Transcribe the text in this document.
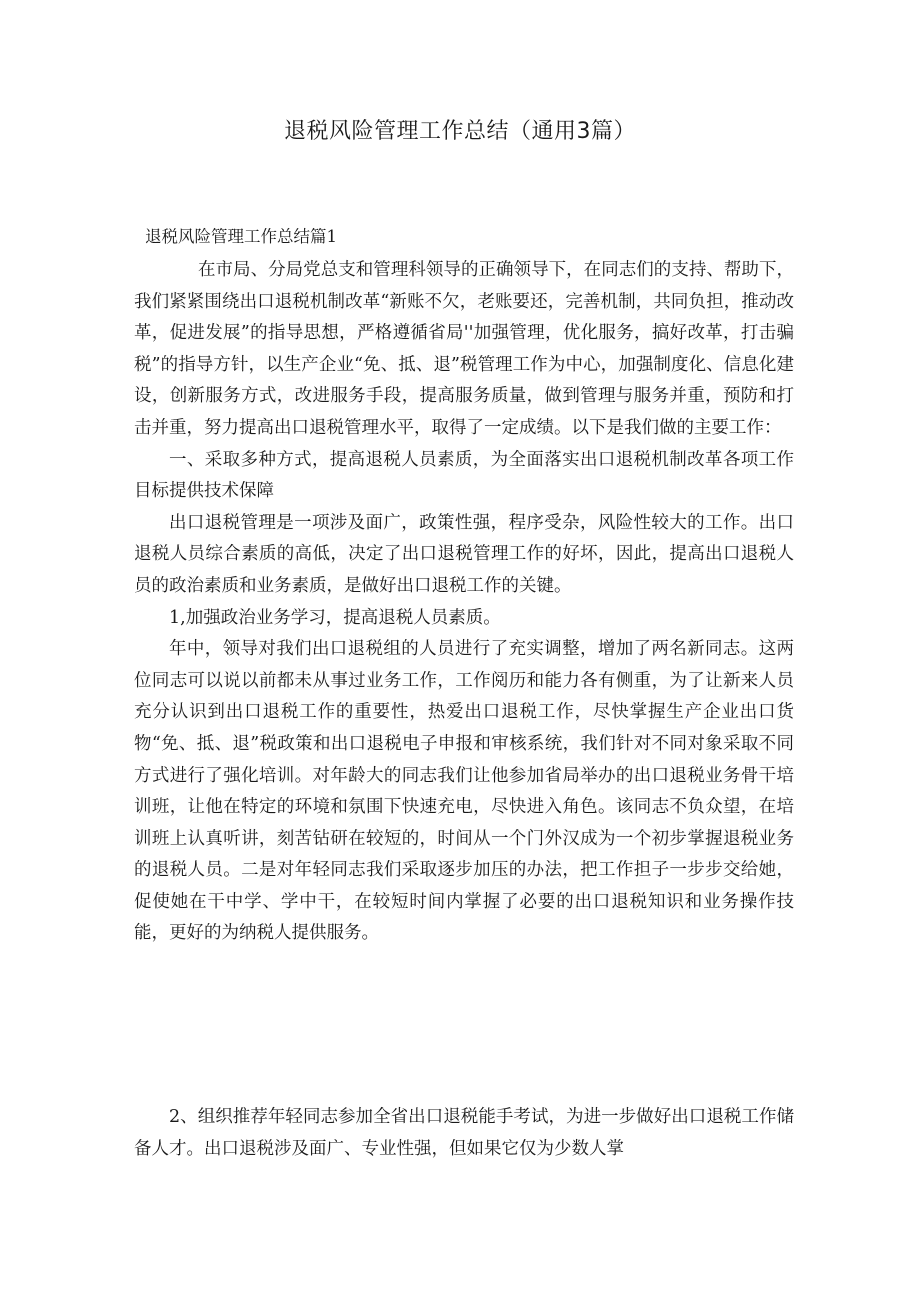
退税风险管理工作总结（通用3篇）

退税风险管理工作总结篇1

在市局、分局党总支和管理科领导的正确领导下，在同志们的支持、帮助下，我们紧紧围绕出口退税机制改革“新账不欠，老账要还，完善机制，共同负担，推动改革，促进发展”的指导思想，严格遵循省局''加强管理，优化服务，搞好改革，打击骗税”的指导方针，以生产企业“免、抵、退”税管理工作为中心，加强制度化、信息化建设，创新服务方式，改进服务手段，提高服务质量，做到管理与服务并重，预防和打击并重，努力提高出口退税管理水平，取得了一定成绩。以下是我们做的主要工作：

一、采取多种方式，提高退税人员素质，为全面落实出口退税机制改革各项工作目标提供技术保障

出口退税管理是一项涉及面广，政策性强，程序受杂，风险性较大的工作。出口退税人员综合素质的高低，决定了出口退税管理工作的好坏，因此，提高出口退税人员的政治素质和业务素质，是做好出口退税工作的关键。

1,加强政治业务学习，提高退税人员素质。

年中，领导对我们出口退税组的人员进行了充实调整，增加了两名新同志。这两位同志可以说以前都未从事过业务工作，工作阅历和能力各有侧重，为了让新来人员充分认识到出口退税工作的重要性，热爱出口退税工作，尽快掌握生产企业出口货物“免、抵、退”税政策和出口退税电子申报和审核系统，我们针对不同对象采取不同方式进行了强化培训。对年龄大的同志我们让他参加省局举办的出口退税业务骨干培训班，让他在特定的环境和氛围下快速充电，尽快进入角色。该同志不负众望，在培训班上认真听讲，刻苦钻研在较短的，时间从一个门外汉成为一个初步掌握退税业务的退税人员。二是对年轻同志我们采取逐步加压的办法，把工作担子一步步交给她，促使她在干中学、学中干，在较短时间内掌握了必要的出口退税知识和业务操作技能，更好的为纳税人提供服务。

2、组织推荐年轻同志参加全省出口退税能手考试，为进一步做好出口退税工作储备人才。出口退税涉及面广、专业性强，但如果它仅为少数人掌
